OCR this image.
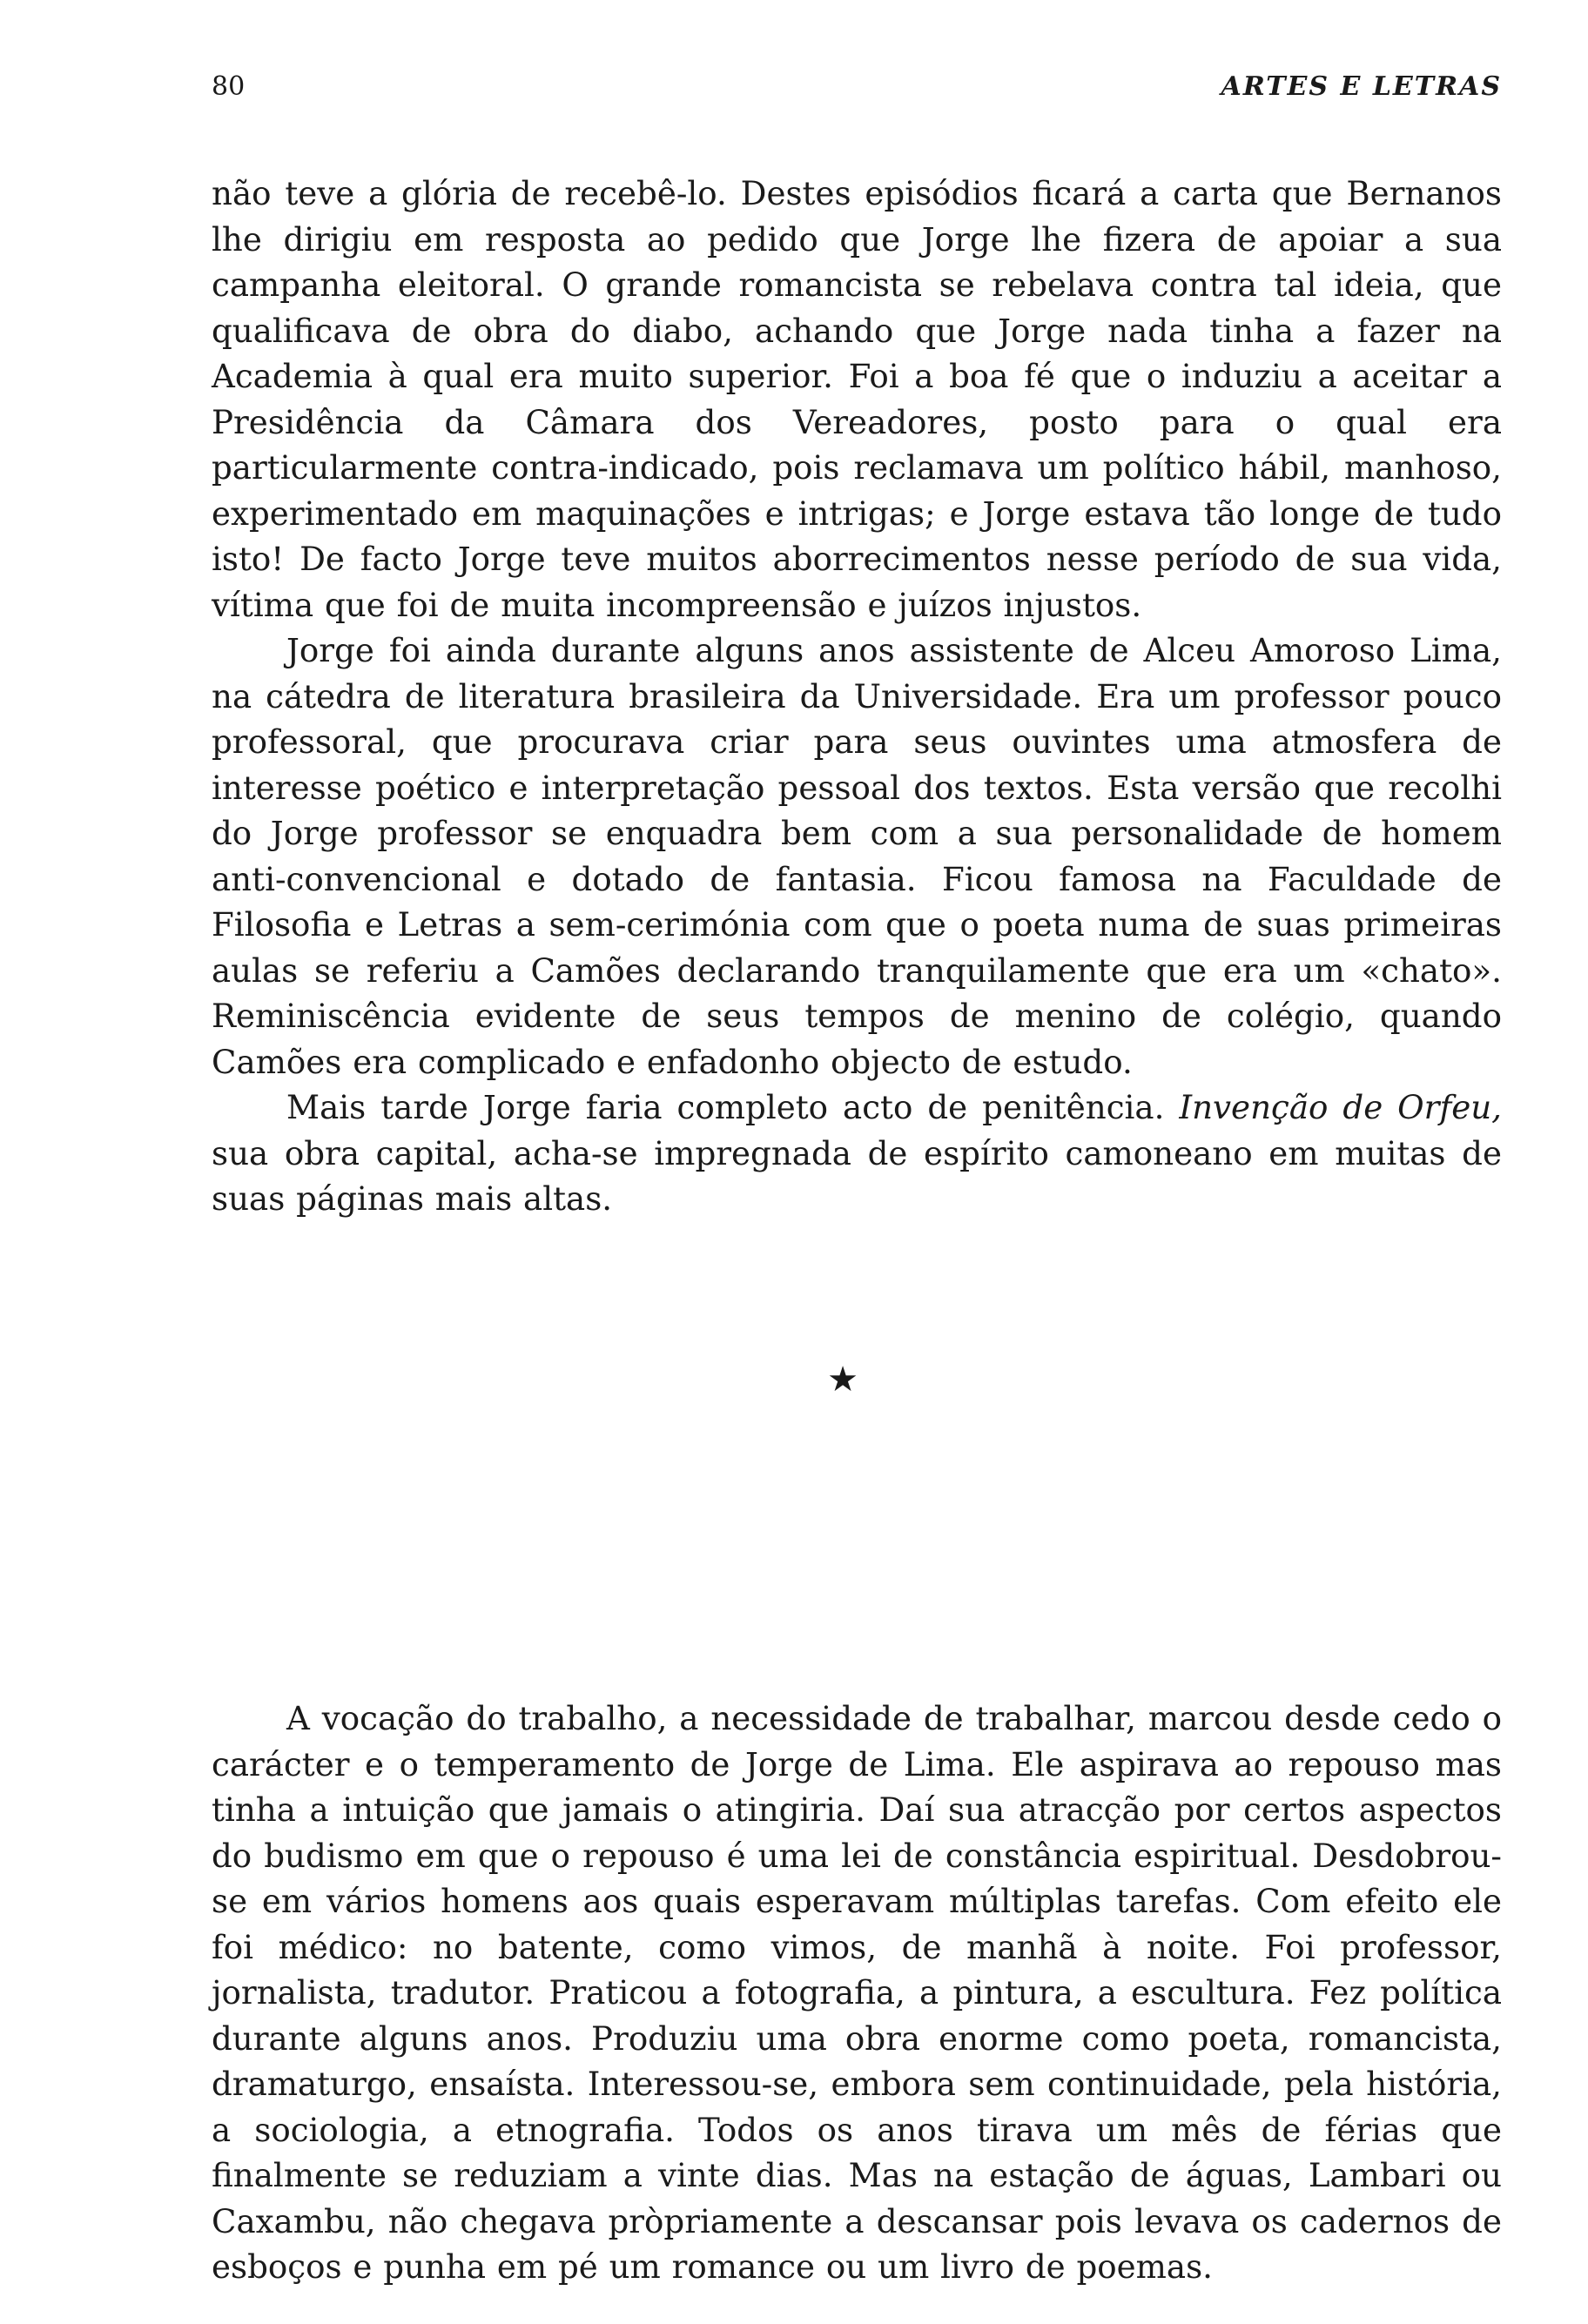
80	ARTES E LETRAS

não teve a glória de recebê-lo. Destes episódios ficará a carta que Bernanos lhe dirigiu em resposta ao pedido que Jorge lhe fizera de apoiar a sua campanha eleitoral. O grande romancista se rebelava contra tal ideia, que qualificava de obra do diabo, achando que Jorge nada tinha a fazer na Academia à qual era muito superior. Foi a boa fé que o induziu a aceitar a Presidência da Câmara dos Vereadores, posto para o qual era particularmente contra-indicado, pois reclamava um político hábil, manhoso, experimentado em maquinações e intrigas; e Jorge estava tão longe de tudo isto! De facto Jorge teve muitos aborrecimentos nesse período de sua vida, vítima que foi de muita incompreensão e juízos injustos.

Jorge foi ainda durante alguns anos assistente de Alceu Amoroso Lima, na cátedra de literatura brasileira da Universidade. Era um professor pouco professoral, que procurava criar para seus ouvintes uma atmosfera de interesse poético e interpretação pessoal dos textos. Esta versão que recolhi do Jorge professor se enquadra bem com a sua personalidade de homem anti-convencional e dotado de fantasia. Ficou famosa na Faculdade de Filosofia e Letras a sem-cerimónia com que o poeta numa de suas primeiras aulas se referiu a Camões declarando tranquilamente que era um «chato». Reminiscência evidente de seus tempos de menino de colégio, quando Camões era complicado e enfadonho objecto de estudo.

Mais tarde Jorge faria completo acto de penitência. Invenção de Orfeu, sua obra capital, acha-se impregnada de espírito camoneano em muitas de suas páginas mais altas.

★

A vocação do trabalho, a necessidade de trabalhar, marcou desde cedo o carácter e o temperamento de Jorge de Lima. Ele aspirava ao repouso mas tinha a intuição que jamais o atingiria. Daí sua atracção por certos aspectos do budismo em que o repouso é uma lei de constância espiritual. Desdobrou-se em vários homens aos quais esperavam múltiplas tarefas. Com efeito ele foi médico: no batente, como vimos, de manhã à noite. Foi professor, jornalista, tradutor. Praticou a fotografia, a pintura, a escultura. Fez política durante alguns anos. Produziu uma obra enorme como poeta, romancista, dramaturgo, ensaísta. Interessou-se, embora sem continuidade, pela história, a sociologia, a etnografia. Todos os anos tirava um mês de férias que finalmente se reduziam a vinte dias. Mas na estação de águas, Lambari ou Caxambu, não chegava pròpriamente a descansar pois levava os cadernos de esboços e punha em pé um romance ou um livro de poemas.
